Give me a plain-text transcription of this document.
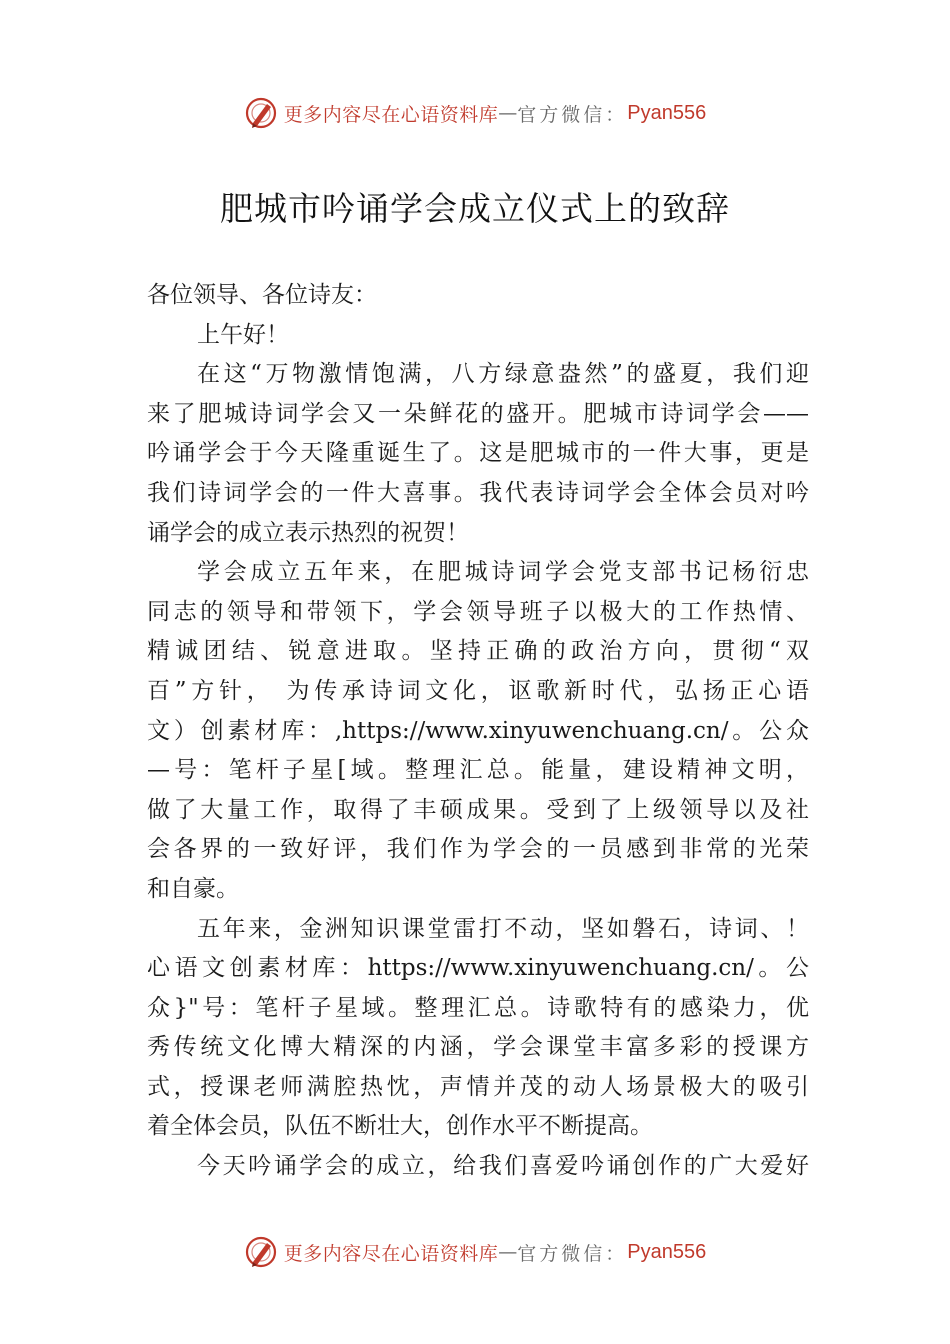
更多内容尽在心语资料库 — 官方微信： Pyan556
肥城市吟诵学会成立仪式上的致辞
各位领导、各位诗友：
上午好！
在这“万物激情饱满，八方绿意盎然”的盛夏，我们迎
来了肥城诗词学会又一朵鲜花的盛开。肥城市诗词学会——
吟诵学会于今天隆重诞生了。这是肥城市的一件大事，更是
我们诗词学会的一件大喜事。我代表诗词学会全体会员对吟
诵学会的成立表示热烈的祝贺！
学会成立五年来，在肥城诗词学会党支部书记杨衍忠
同志的领导和带领下，学会领导班子以极大的工作热情、
精诚团结、锐意进取。坚持正确的政治方向，贯彻“双
百”方针， 为传承诗词文化，讴歌新时代，弘扬正心语
文）创素材库：,https://www.xinyuwenchuang.cn/。公众
—号：笔杆子星[域。整理汇总。能量，建设精神文明，
做了大量工作，取得了丰硕成果。受到了上级领导以及社
会各界的一致好评，我们作为学会的一员感到非常的光荣
和自豪。
五年来，金洲知识课堂雷打不动，坚如磐石，诗词、！
心语文创素材库：https://www.xinyuwenchuang.cn/。公
众}"号：笔杆子星域。整理汇总。诗歌特有的感染力，优
秀传统文化博大精深的内涵，学会课堂丰富多彩的授课方
式，授课老师满腔热忱，声情并茂的动人场景极大的吸引
着全体会员，队伍不断壮大，创作水平不断提高。
今天吟诵学会的成立，给我们喜爱吟诵创作的广大爱好
更多内容尽在心语资料库 — 官方微信： Pyan556
